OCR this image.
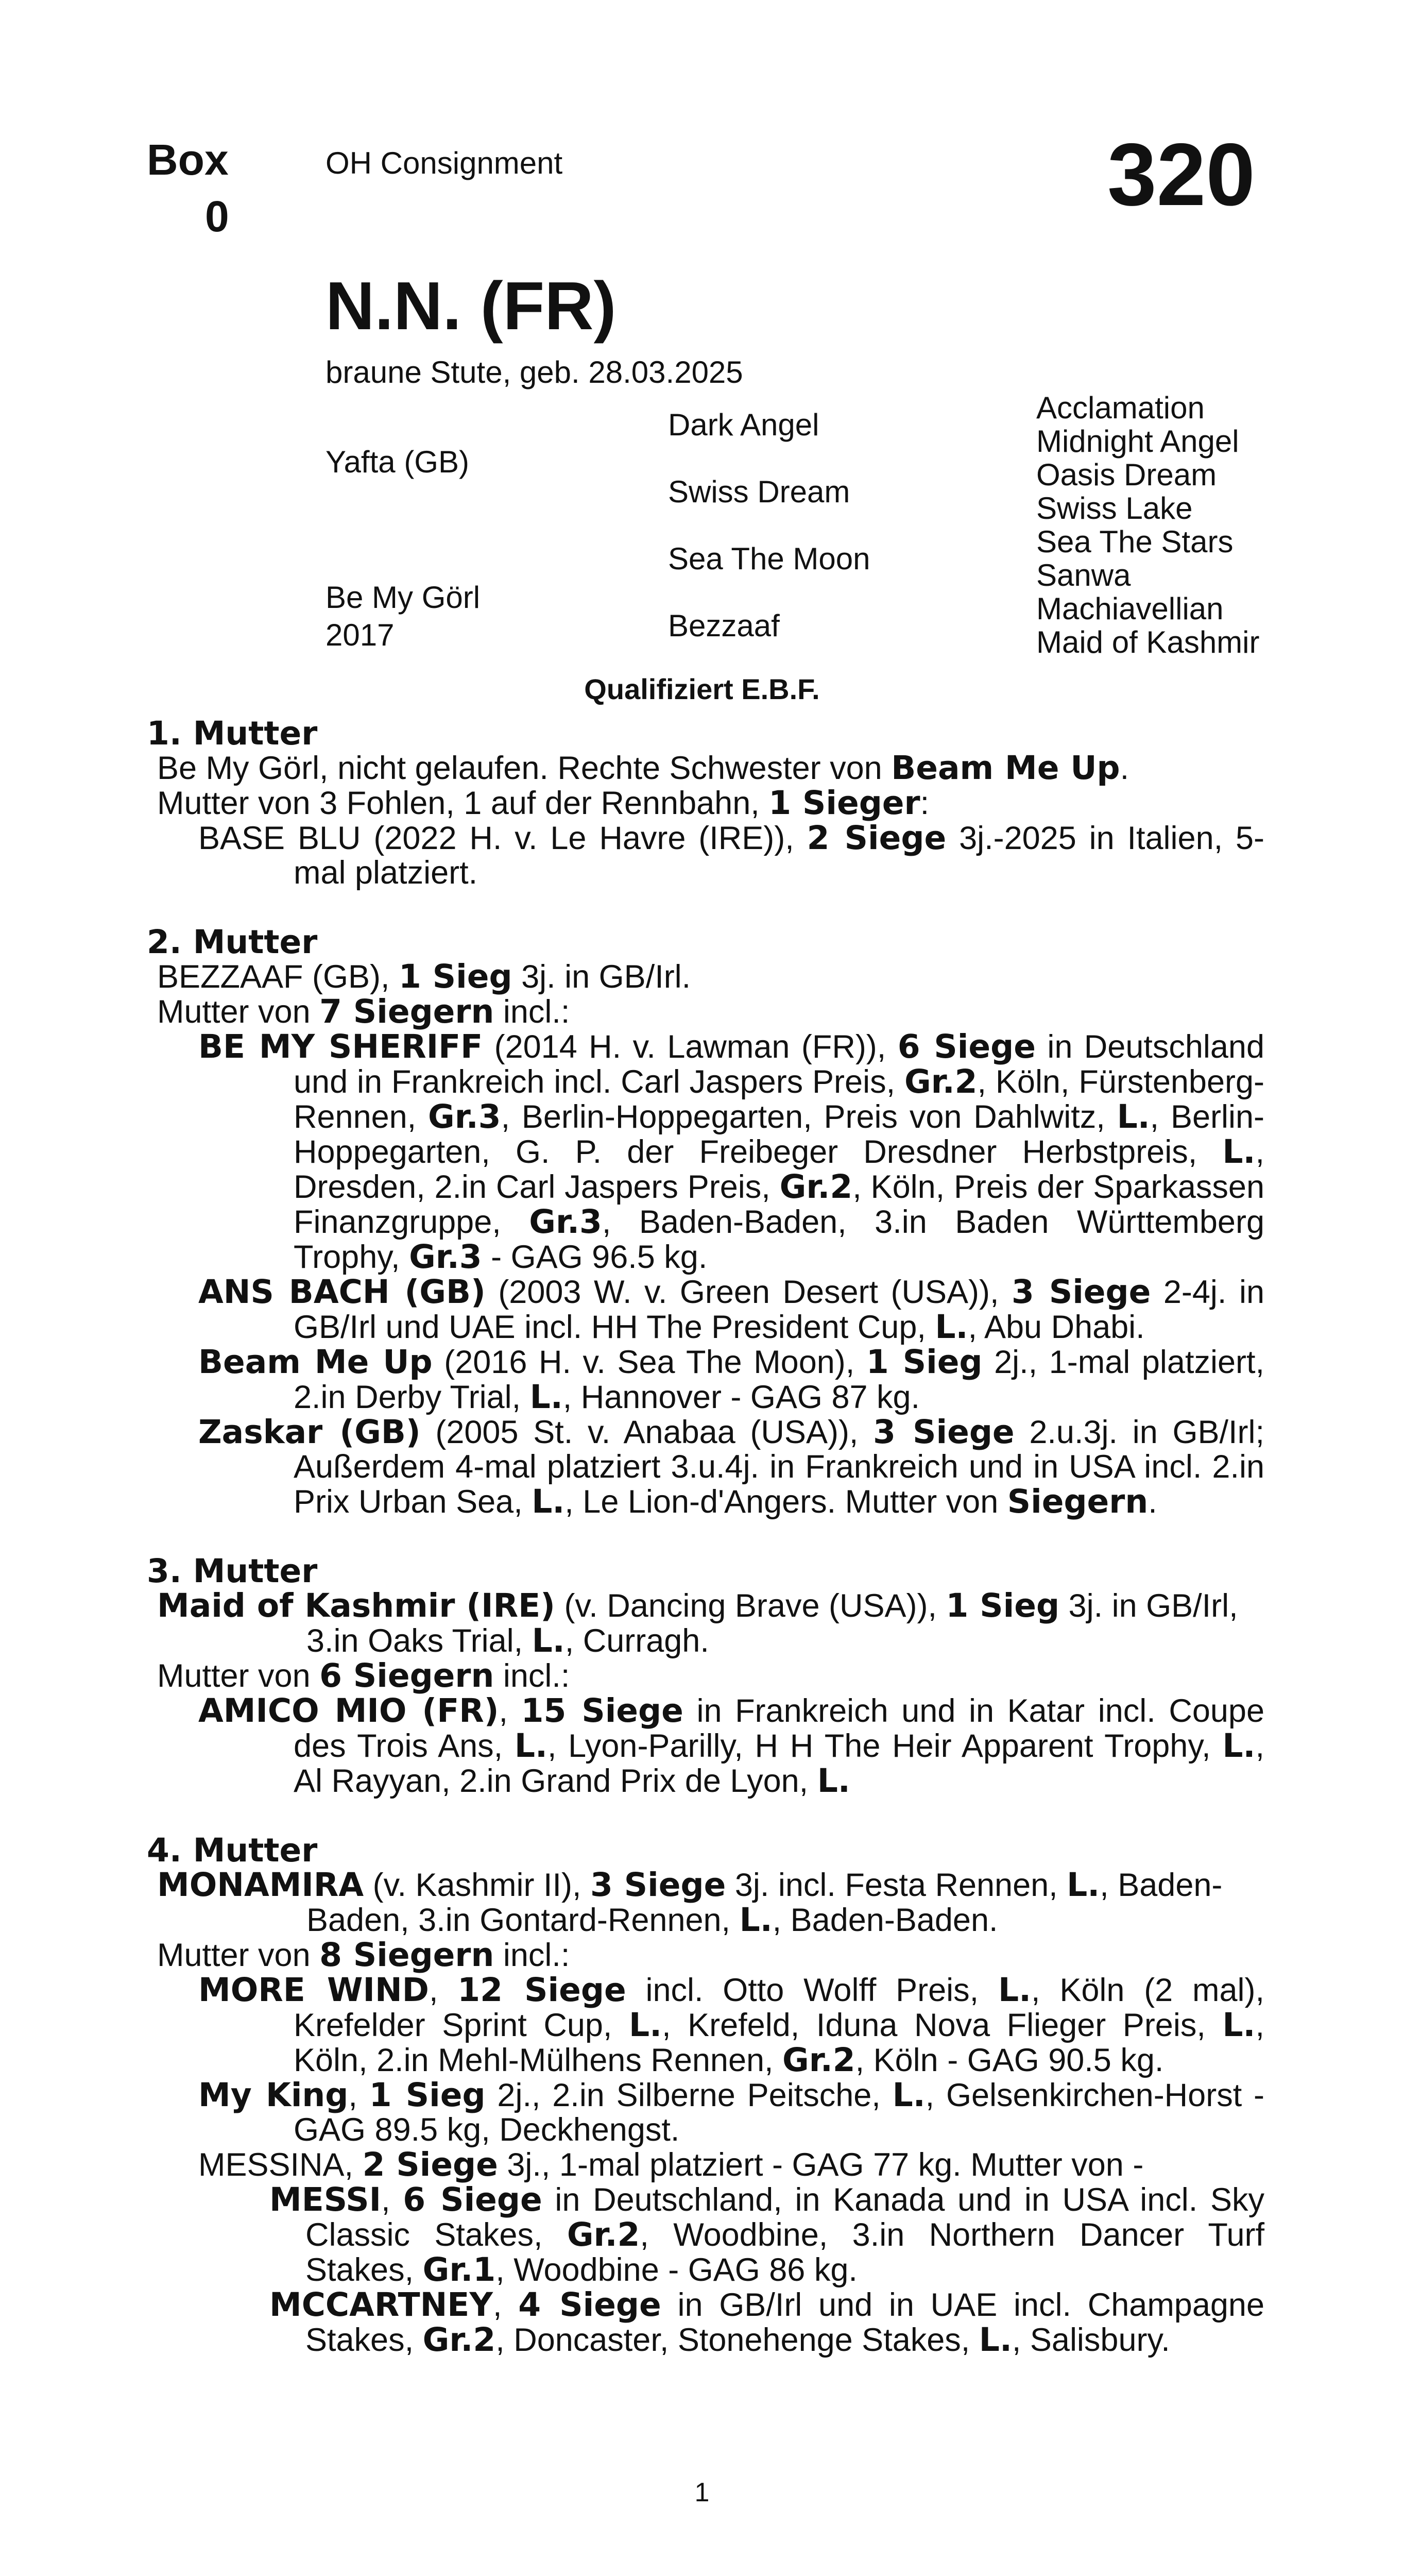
Box
0
OH Consignment	320
N.N. (FR)
braune Stute, geb. 28.03.2025
Yafta (GB)
Be My Görl
2017
Dark Angel
Swiss Dream
Sea The Moon
Bezzaaf
Acclamation
Midnight Angel
Oasis Dream
Swiss Lake
Sea The Stars
Sanwa
Machiavellian
Maid of Kashmir
Qualifiziert E.B.F.

1. Mutter

Be My Görl, nicht gelaufen. Rechte Schwester von Beam Me Up.

Mutter von 3 Fohlen, 1 auf der Rennbahn, 1 Sieger:

BASE BLU (2022 H. v. Le Havre (IRE)), 2 Siege 3j.-2025 in Italien, 5-mal platziert.

2. Mutter

BEZZAAF (GB), 1 Sieg 3j. in GB/Irl.

Mutter von 7 Siegern incl.:

BE MY SHERIFF (2014 H. v. Lawman (FR)), 6 Siege in Deutschland und in Frankreich incl. Carl Jaspers Preis, Gr.2, Köln, Fürstenberg-Rennen, Gr.3, Berlin-Hoppegarten, Preis von Dahlwitz, L., Berlin-Hoppegarten, G. P. der Freibeger Dresdner Herbstpreis, L., Dresden, 2.in Carl Jaspers Preis, Gr.2, Köln, Preis der Sparkassen Finanzgruppe, Gr.3, Baden-Baden, 3.in Baden Württemberg Trophy, Gr.3 - GAG 96.5 kg.

ANS BACH (GB) (2003 W. v. Green Desert (USA)), 3 Siege 2-4j. in GB/Irl und UAE incl. HH The President Cup, L., Abu Dhabi.

Beam Me Up (2016 H. v. Sea The Moon), 1 Sieg 2j., 1-mal platziert, 2.in Derby Trial, L., Hannover - GAG 87 kg.

Zaskar (GB) (2005 St. v. Anabaa (USA)), 3 Siege 2.u.3j. in GB/Irl; Außerdem 4-mal platziert 3.u.4j. in Frankreich und in USA incl. 2.in Prix Urban Sea, L., Le Lion-d'Angers. Mutter von Siegern.

3. Mutter

Maid of Kashmir (IRE) (v. Dancing Brave (USA)), 1 Sieg 3j. in GB/Irl, 3.in Oaks Trial, L., Curragh.

Mutter von 6 Siegern incl.:

AMICO MIO (FR), 15 Siege in Frankreich und in Katar incl. Coupe des Trois Ans, L., Lyon-Parilly, H H The Heir Apparent Trophy, L., Al Rayyan, 2.in Grand Prix de Lyon, L.

4. Mutter

MONAMIRA (v. Kashmir II), 3 Siege 3j. incl. Festa Rennen, L., Baden-Baden, 3.in Gontard-Rennen, L., Baden-Baden.

Mutter von 8 Siegern incl.:

MORE WIND, 12 Siege incl. Otto Wolff Preis, L., Köln (2 mal), Krefelder Sprint Cup, L., Krefeld, Iduna Nova Flieger Preis, L., Köln, 2.in Mehl-Mülhens Rennen, Gr.2, Köln - GAG 90.5 kg.

My King, 1 Sieg 2j., 2.in Silberne Peitsche, L., Gelsenkirchen-Horst - GAG 89.5 kg, Deckhengst.

MESSINA, 2 Siege 3j., 1-mal platziert - GAG 77 kg. Mutter von -

MESSI, 6 Siege in Deutschland, in Kanada und in USA incl. Sky Classic Stakes, Gr.2, Woodbine, 3.in Northern Dancer Turf Stakes, Gr.1, Woodbine - GAG 86 kg.

MCCARTNEY, 4 Siege in GB/Irl und in UAE incl. Champagne Stakes, Gr.2, Doncaster, Stonehenge Stakes, L., Salisbury.

1
